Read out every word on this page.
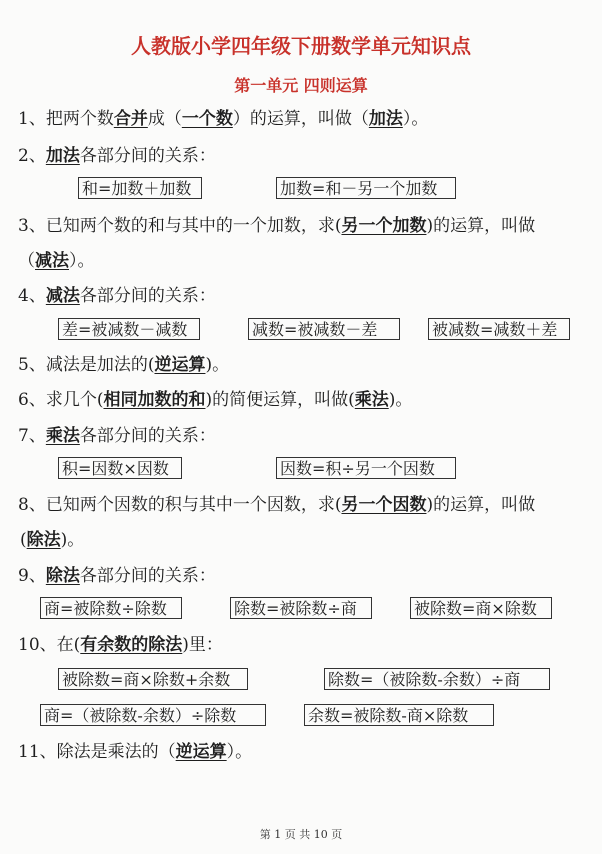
人教版小学四年级下册数学单元知识点
第一单元 四则运算
1、把两个数合并成（一个数）的运算，叫做（加法）。
2、加法各部分间的关系：
和=加数＋加数	加数=和－另一个加数
3、已知两个数的和与其中的一个加数，求(另一个加数)的运算，叫做
（减法）。
4、减法各部分间的关系：
差=被减数－减数	减数=被减数－差	被减数=减数＋差
5、减法是加法的(逆运算)。
6、求几个(相同加数的和)的简便运算，叫做(乘法)。
7、乘法各部分间的关系：
积=因数×因数	因数=积÷另一个因数
8、已知两个因数的积与其中一个因数，求(另一个因数)的运算，叫做
(除法)。
9、除法各部分间的关系：
商=被除数÷除数	除数=被除数÷商	被除数=商×除数
10、在(有余数的除法)里：
被除数=商×除数+余数	除数=（被除数-余数）÷商
商=（被除数-余数）÷除数	余数=被除数-商×除数
11、除法是乘法的（逆运算）。
第 1 页 共 10 页
